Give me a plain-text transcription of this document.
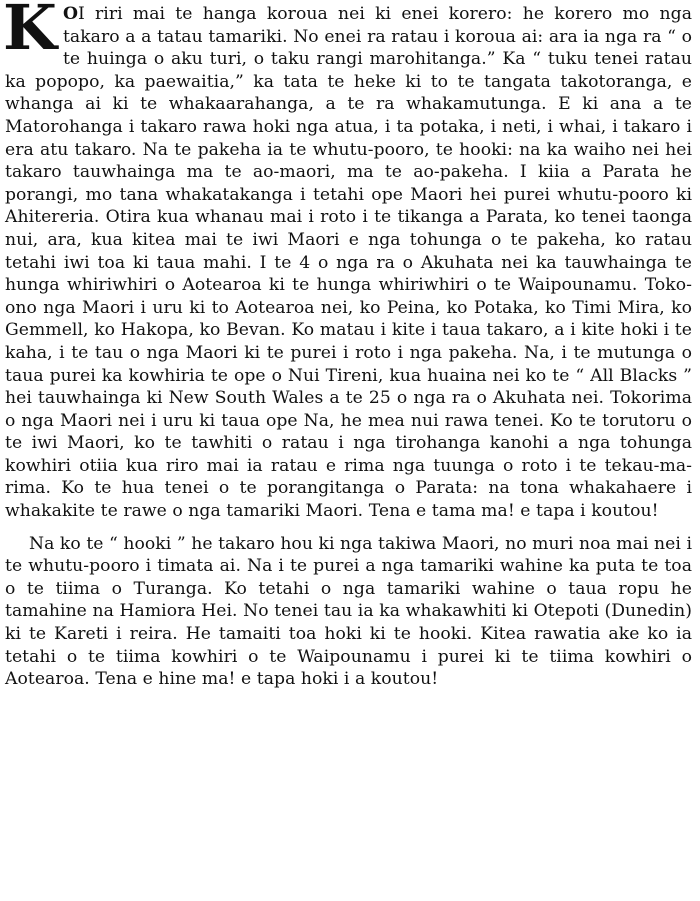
K OI riri mai te hanga koroua nei ki enei korero: he korero mo nga takaro a a tatau tamariki. No enei ra ratau i koroua ai: ara ia nga ra “ o te huinga o aku turi, o taku rangi marohitanga.” Ka “ tuku tenei ratau ka popopo, ka paewaitia,” ka tata te heke ki to te tangata takotoranga, e whanga ai ki te whakaarahanga, a te ra whakamutunga. E ki ana a te Matorohanga i takaro rawa hoki nga atua, i ta potaka, i neti, i whai, i takaro i era atu takaro. Na te pakeha ia te whutu-pooro, te hooki: na ka waiho nei hei takaro tauwhainga ma te ao-maori, ma te ao-pakeha. I kiia a Parata he porangi, mo tana whakatakanga i tetahi ope Maori hei purei whutu-pooro ki Ahitereria. Otira kua whanau mai i roto i te tikanga a Parata, ko tenei taonga nui, ara, kua kitea mai te iwi Maori e nga tohunga o te pakeha, ko ratau tetahi iwi toa ki taua mahi. I te 4 o nga ra o Akuhata nei ka tauwhainga te hunga whiriwhiri o Aotearoa ki te hunga whiriwhiri o te Waipounamu. Toko-ono nga Maori i uru ki to Aotearoa nei, ko Peina, ko Potaka, ko Timi Mira, ko Gemmell, ko Hakopa, ko Bevan. Ko matau i kite i taua takaro, a i kite hoki i te kaha, i te tau o nga Maori ki te purei i roto i nga pakeha. Na, i te mutunga o taua purei ka kowhiria te ope o Nui Tireni, kua huaina nei ko te “ All Blacks ” hei tauwhainga ki New South Wales a te 25 o nga ra o Akuhata nei. Tokorima o nga Maori nei i uru ki taua ope Na, he mea nui rawa tenei. Ko te torutoru o te iwi Maori, ko te tawhiti o ratau i nga tirohanga kanohi a nga tohunga kowhiri otiia kua riro mai ia ratau e rima nga tuunga o roto i te tekau-ma-rima. Ko te hua tenei o te porangitanga o Parata: na tona whakahaere i whakakite te rawe o nga tamariki Maori. Tena e tama ma! e tapa i koutou!

Na ko te “ hooki ” he takaro hou ki nga takiwa Maori, no muri noa mai nei i te whutu-pooro i timata ai. Na i te purei a nga tamariki wahine ka puta te toa o te tiima o Turanga. Ko tetahi o nga tamariki wahine o taua ropu he tamahine na Hamiora Hei. No tenei tau ia ka whakawhiti ki Otepoti (Dunedin) ki te Kareti i reira. He tamaiti toa hoki ki te hooki. Kitea rawatia ake ko ia tetahi o te tiima kowhiri o te Waipounamu i purei ki te tiima kowhiri o Aotearoa. Tena e hine ma! e tapa hoki i a koutou!
